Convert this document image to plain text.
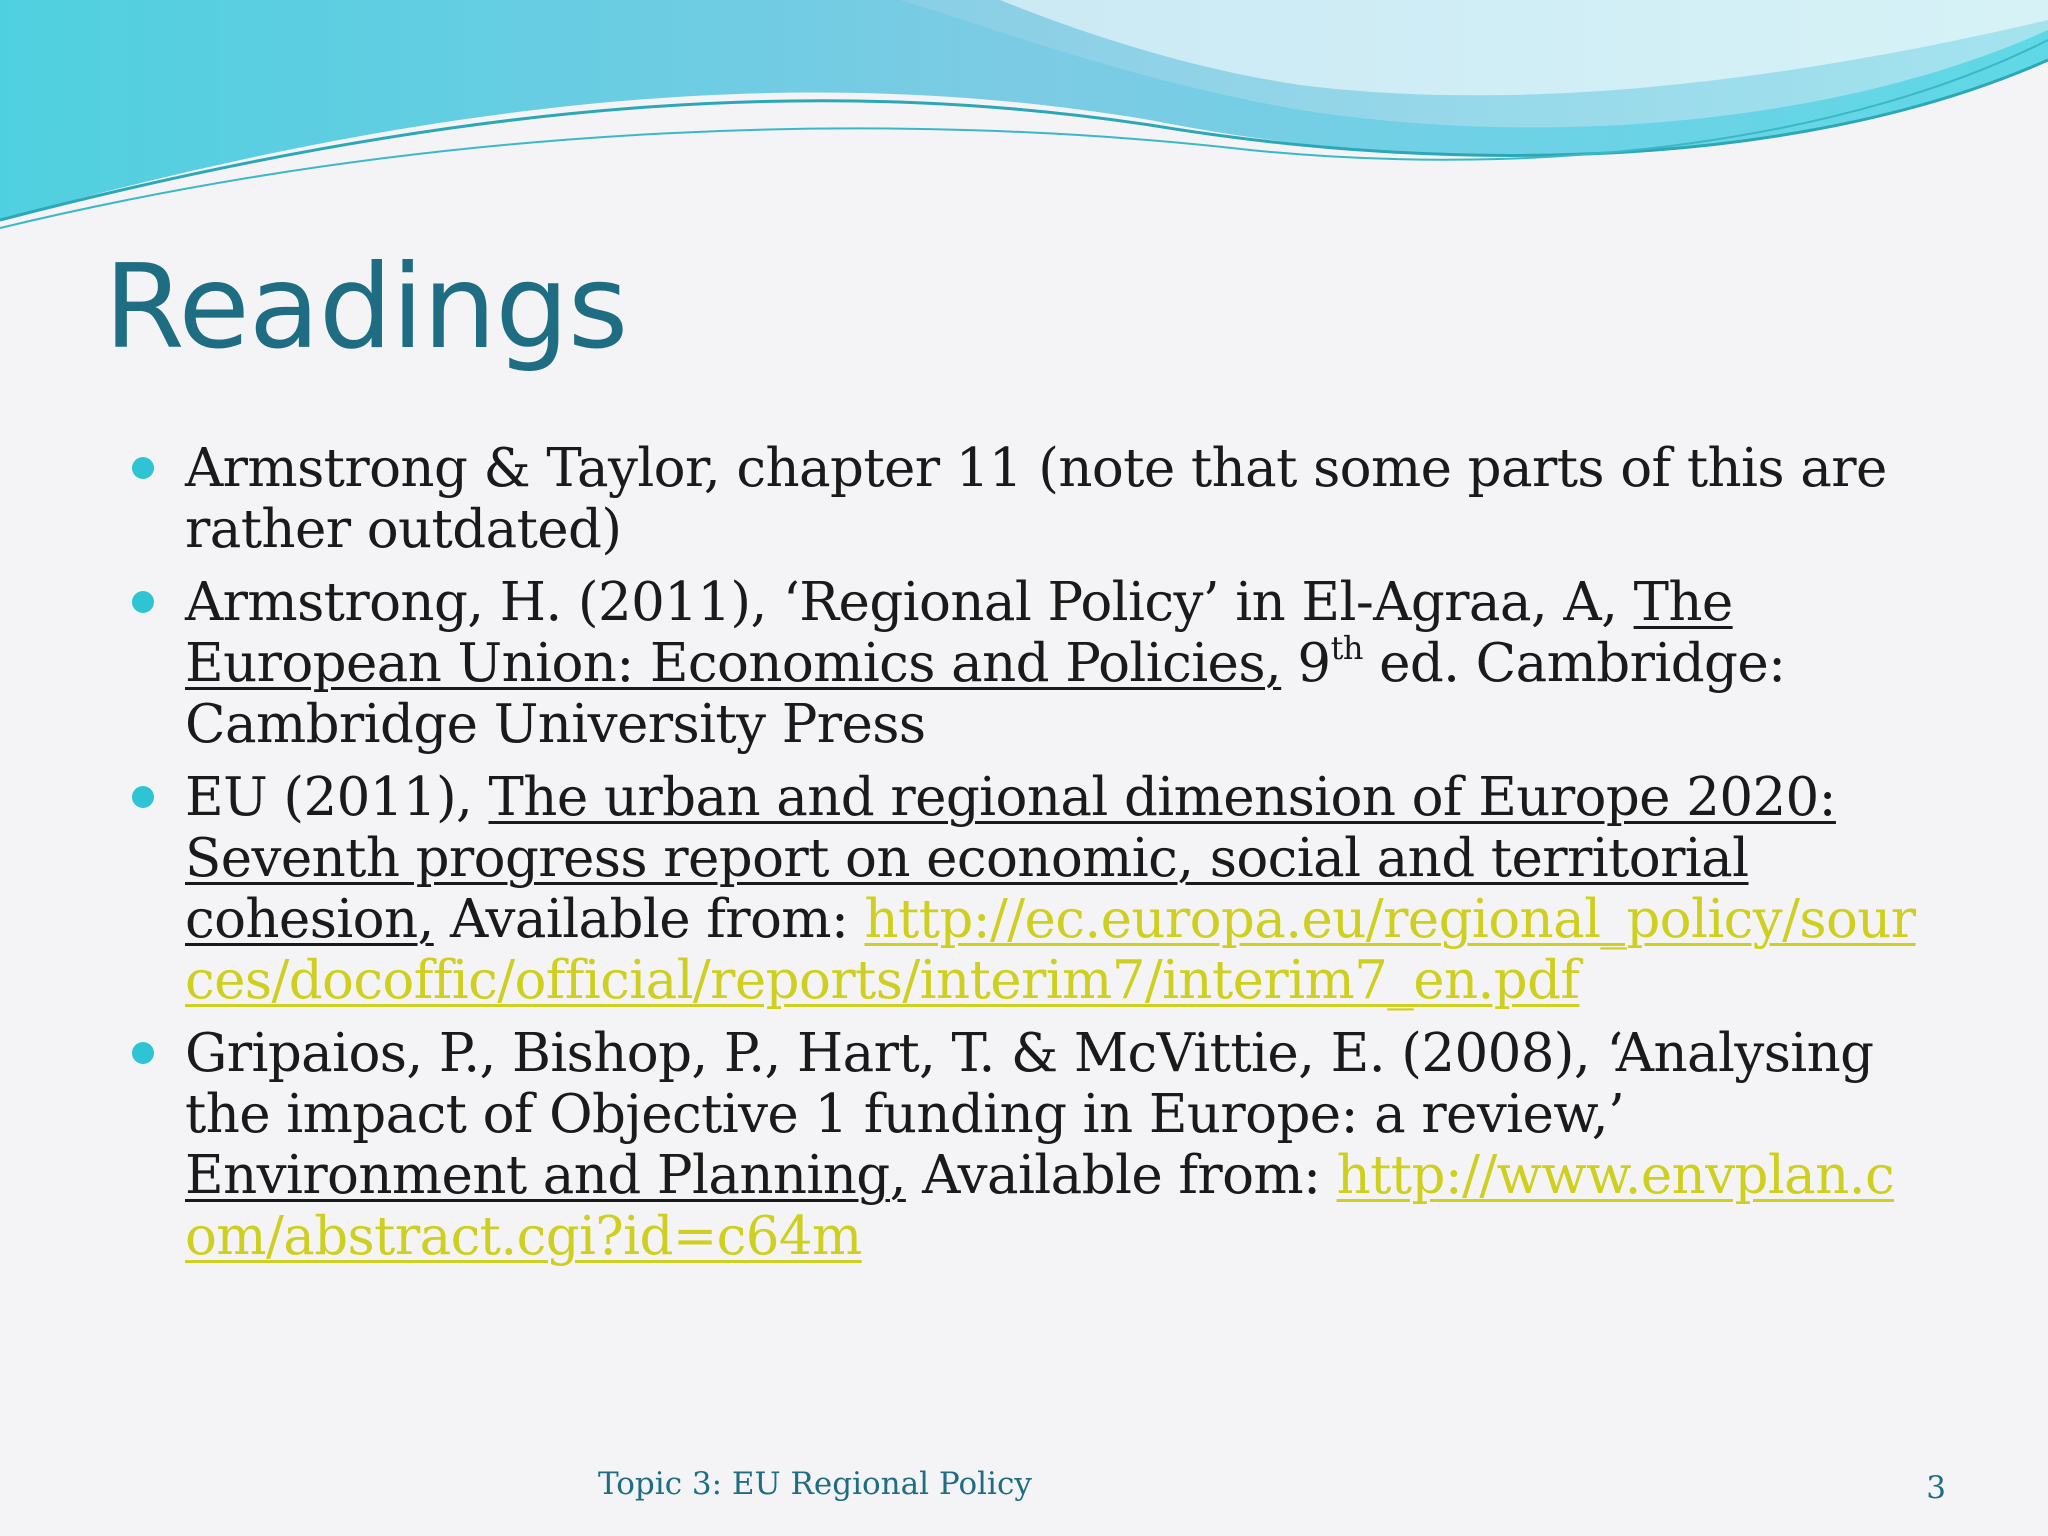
Readings
Armstrong & Taylor, chapter 11 (note that some parts of this are rather outdated)
Armstrong, H. (2011), ‘Regional Policy’ in El-Agraa, A, The European Union: Economics and Policies, 9th ed. Cambridge: Cambridge University Press
EU (2011), The urban and regional dimension of Europe 2020: Seventh progress report on economic, social and territorial cohesion, Available from: http://ec.europa.eu/regional_policy/sources/docoffic/official/reports/interim7/interim7_en.pdf
Gripaios, P., Bishop, P., Hart, T. & McVittie, E. (2008), ‘Analysing the impact of Objective 1 funding in Europe: a review,’ Environment and Planning, Available from: http://www.envplan.com/abstract.cgi?id=c64m
Topic 3: EU Regional Policy	3
